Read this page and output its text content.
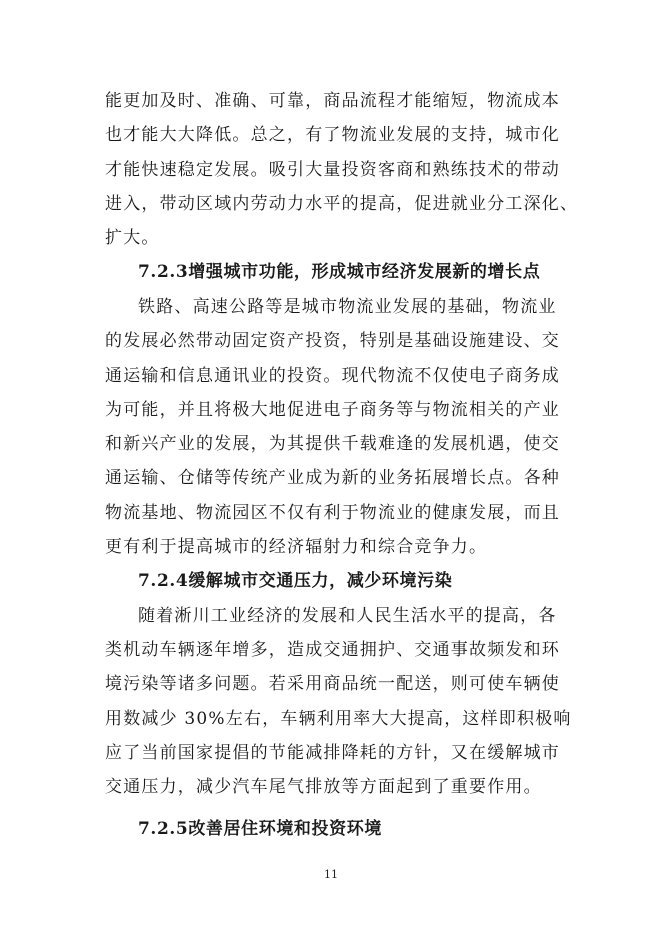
能更加及时、准确、可靠，商品流程才能缩短，物流成本
也才能大大降低。总之，有了物流业发展的支持，城市化
才能快速稳定发展。吸引大量投资客商和熟练技术的带动
进入，带动区域内劳动力水平的提高，促进就业分工深化、
扩大。
7.2.3增强城市功能，形成城市经济发展新的增长点
铁路、高速公路等是城市物流业发展的基础，物流业
的发展必然带动固定资产投资，特别是基础设施建设、交
通运输和信息通讯业的投资。现代物流不仅使电子商务成
为可能，并且将极大地促进电子商务等与物流相关的产业
和新兴产业的发展，为其提供千载难逢的发展机遇，使交
通运输、仓储等传统产业成为新的业务拓展增长点。各种
物流基地、物流园区不仅有利于物流业的健康发展，而且
更有利于提高城市的经济辐射力和综合竞争力。
7.2.4缓解城市交通压力，减少环境污染
随着淅川工业经济的发展和人民生活水平的提高，各
类机动车辆逐年增多，造成交通拥护、交通事故频发和环
境污染等诸多问题。若采用商品统一配送，则可使车辆使
用数减少 30%左右，车辆利用率大大提高，这样即积极响
应了当前国家提倡的节能减排降耗的方针，又在缓解城市
交通压力，减少汽车尾气排放等方面起到了重要作用。
7.2.5改善居住环境和投资环境
11
